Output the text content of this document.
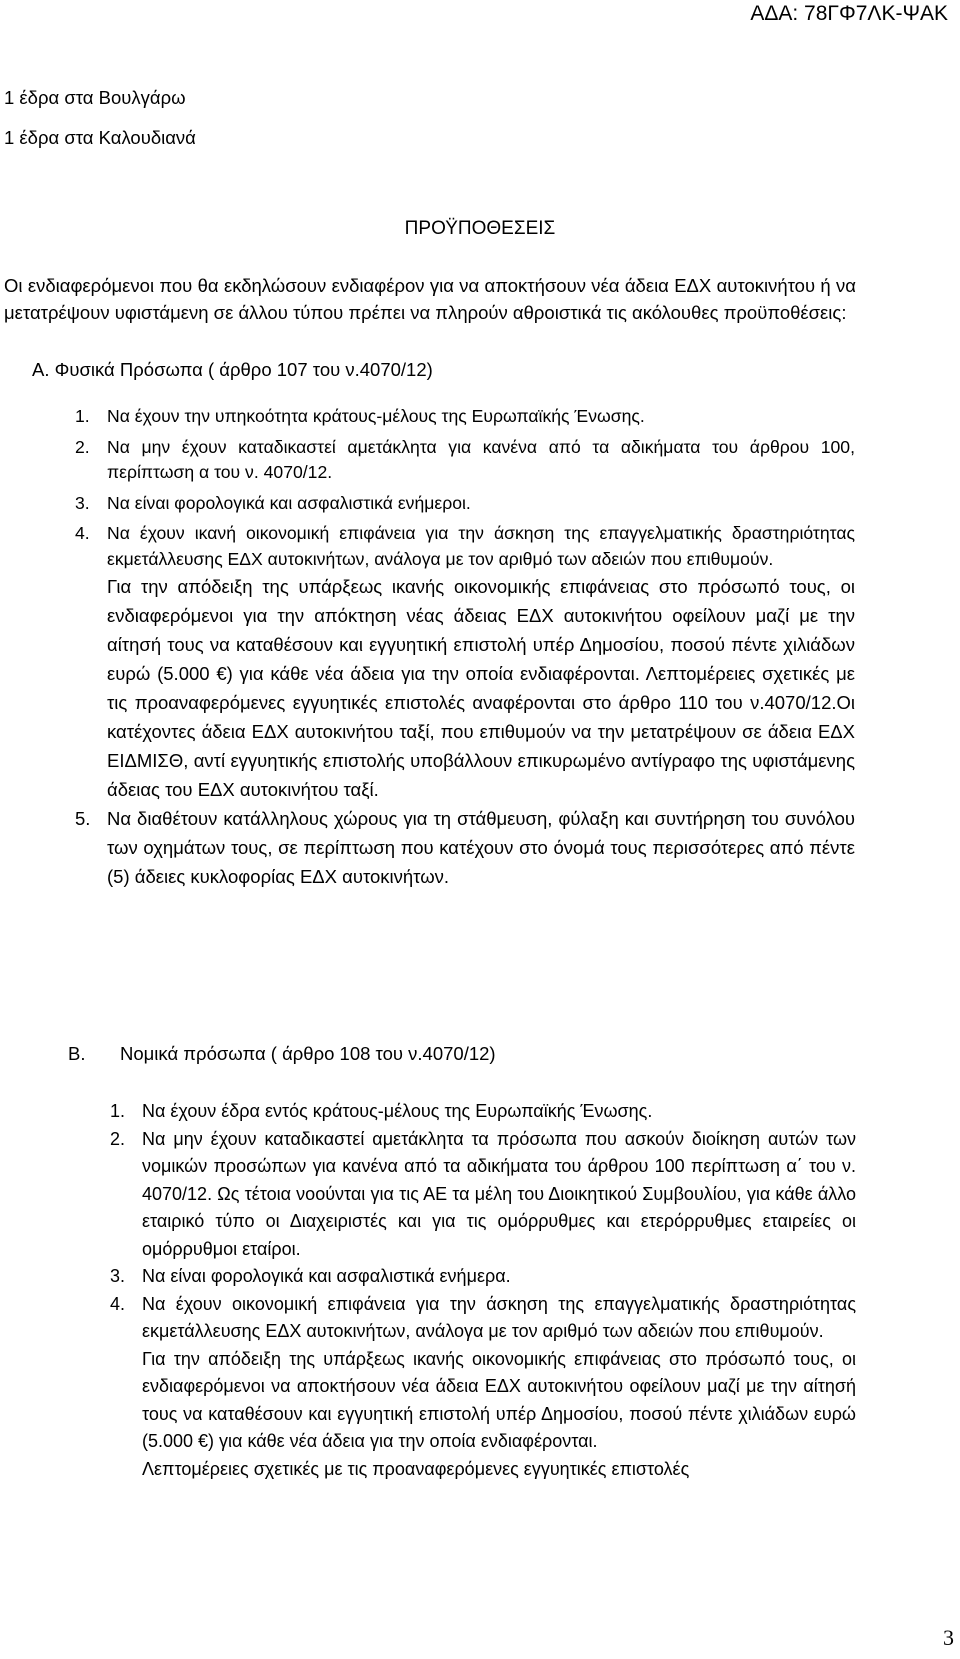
ΑΔΑ: 78ΓΦ7ΛΚ-ΨΑΚ
1 έδρα στα Βουλγάρω
1 έδρα στα Καλουδιανά
ΠΡΟΫΠΟΘΕΣΕΙΣ
Οι ενδιαφερόμενοι που θα εκδηλώσουν ενδιαφέρον για να αποκτήσουν νέα άδεια ΕΔΧ αυτοκινήτου ή να μετατρέψουν υφιστάμενη σε άλλου τύπου πρέπει να πληρούν αθροιστικά τις ακόλουθες προϋποθέσεις:
Α. Φυσικά Πρόσωπα ( άρθρο 107 του ν.4070/12)
1. Να έχουν την υπηκοότητα κράτους-μέλους της Ευρωπαϊκής Ένωσης.
2. Να μην έχουν καταδικαστεί αμετάκλητα για κανένα από τα αδικήματα του άρθρου 100, περίπτωση α του ν. 4070/12.
3. Να είναι φορολογικά και ασφαλιστικά ενήμεροι.
4. Να έχουν ικανή οικονομική επιφάνεια για την άσκηση της επαγγελματικής δραστηριότητας εκμετάλλευσης ΕΔΧ αυτοκινήτων, ανάλογα με τον αριθμό των αδειών που επιθυμούν.

Για την απόδειξη της υπάρξεως ικανής οικονομικής επιφάνειας στο πρόσωπό τους, οι ενδιαφερόμενοι για την απόκτηση νέας άδειας ΕΔΧ αυτοκινήτου οφείλουν μαζί με την αίτησή τους να καταθέσουν και εγγυητική επιστολή υπέρ Δημοσίου, ποσού πέντε χιλιάδων ευρώ (5.000 €) για κάθε νέα άδεια για την οποία ενδιαφέρονται. Λεπτομέρειες σχετικές με τις προαναφερόμενες εγγυητικές επιστολές αναφέρονται στο άρθρο 110 του ν.4070/12.Οι κατέχοντες άδεια ΕΔΧ αυτοκινήτου ταξί, που επιθυμούν να την μετατρέψουν σε άδεια ΕΔΧ ΕΙΔΜΙΣΘ, αντί εγγυητικής επιστολής υποβάλλουν επικυρωμένο αντίγραφο της υφιστάμενης άδειας του ΕΔΧ αυτοκινήτου ταξί.

5. Να διαθέτουν κατάλληλους χώρους για τη στάθμευση, φύλαξη και συντήρηση του συνόλου των οχημάτων τους, σε περίπτωση που κατέχουν στο όνομά τους περισσότερες από πέντε (5) άδειες κυκλοφορίας ΕΔΧ αυτοκινήτων.
Β. Νομικά πρόσωπα ( άρθρο 108 του ν.4070/12)
1. Να έχουν έδρα εντός κράτους-μέλους της Ευρωπαϊκής Ένωσης.
2. Να μην έχουν καταδικαστεί αμετάκλητα τα πρόσωπα που ασκούν διοίκηση αυτών των νομικών προσώπων για κανένα από τα αδικήματα του άρθρου 100 περίπτωση α΄ του ν. 4070/12. Ως τέτοια νοούνται για τις ΑΕ τα μέλη του Διοικητικού Συμβουλίου, για κάθε άλλο εταιρικό τύπο οι Διαχειριστές και για τις ομόρρυθμες και ετερόρρυθμες εταιρείες οι ομόρρυθμοι εταίροι.
3. Να είναι φορολογικά και ασφαλιστικά ενήμερα.
4. Να έχουν οικονομική επιφάνεια για την άσκηση της επαγγελματικής δραστηριότητας εκμετάλλευσης ΕΔΧ αυτοκινήτων, ανάλογα με τον αριθμό των αδειών που επιθυμούν.

Για την απόδειξη της υπάρξεως ικανής οικονομικής επιφάνειας στο πρόσωπό τους, οι ενδιαφερόμενοι να αποκτήσουν νέα άδεια ΕΔΧ αυτοκινήτου οφείλουν μαζί με την αίτησή τους να καταθέσουν και εγγυητική επιστολή υπέρ Δημοσίου, ποσού πέντε χιλιάδων ευρώ (5.000 €) για κάθε νέα άδεια για την οποία ενδιαφέρονται.

Λεπτομέρειες σχετικές με τις προαναφερόμενες εγγυητικές επιστολές

3
